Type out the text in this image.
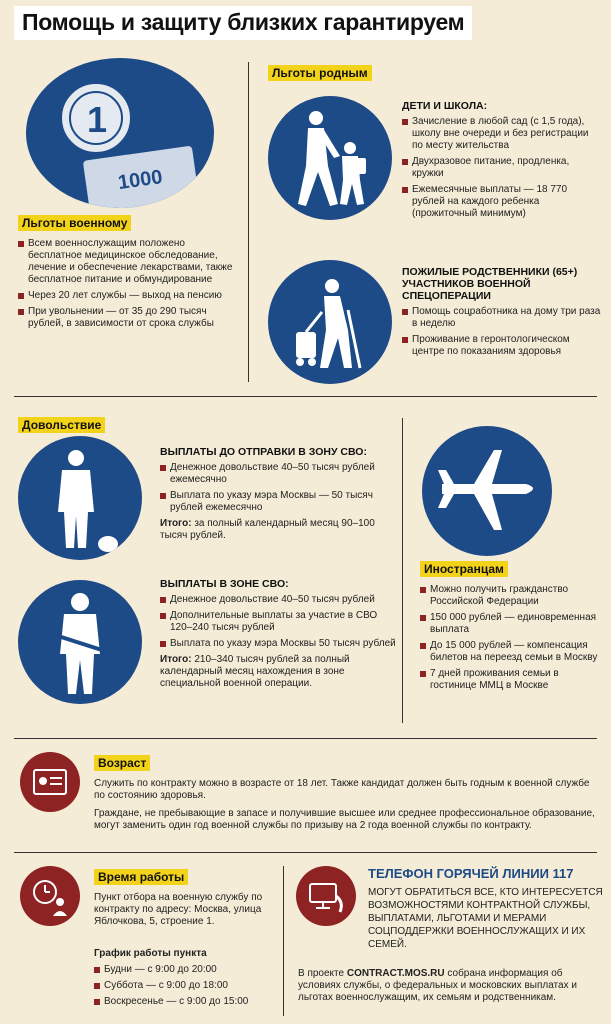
Помощь и защиту близких гарантируем
1000
1
Льготы военному
Всем военнослужащим положено бесплатное медицинское обследование, лечение и обеспечение лекарствами, также бесплатное питание и обмундирование
Через 20 лет службы — выход на пенсию
При увольнении — от 35 до 290 тысяч рублей, в зависимости от срока службы
Льготы родным
ДЕТИ И ШКОЛА:
Зачисление в любой сад (с 1,5 года), школу вне очереди и без регистрации по месту жительства
Двухразовое питание, продленка, кружки
Ежемесячные выплаты — 18 770 рублей на каждого ребенка (прожиточный минимум)
ПОЖИЛЫЕ РОДСТВЕННИКИ (65+) УЧАСТНИКОВ ВОЕННОЙ СПЕЦОПЕРАЦИИ
Помощь соцработника на дому три раза в неделю
Проживание в геронтологическом центре по показаниям здоровья
Довольствие
ВЫПЛАТЫ ДО ОТПРАВКИ В ЗОНУ СВО:
Денежное довольствие 40–50 тысяч рублей ежемесячно
Выплата по указу мэра Москвы — 50 тысяч рублей ежемесячно
Итого: за полный календарный месяц 90–100 тысяч рублей.
ВЫПЛАТЫ В ЗОНЕ СВО:
Денежное довольствие 40–50 тысяч рублей
Дополнительные выплаты за участие в СВО 120–240 тысяч рублей
Выплата по указу мэра Москвы 50 тысяч рублей
Итого: 210–340 тысяч рублей за полный календарный месяц нахождения в зоне специальной военной операции.
Иностранцам
Можно получить гражданство Российской Федерации
150 000 рублей — единовременная выплата
До 15 000 рублей — компенсация билетов на переезд семьи в Москву
7 дней проживания семьи в гостинице ММЦ в Москве
Возраст
Служить по контракту можно в возрасте от 18 лет. Также кандидат должен быть годным к военной службе по состоянию здоровья.
Граждане, не пребывающие в запасе и получившие высшее или среднее профессиональное образование, могут заменить один год военной службы по призыву на 2 года военной службы по контракту.
Время работы
Пункт отбора на военную службу по контракту по адресу: Москва, улица Яблочкова, 5, строение 1.
График работы пункта
Будни — с 9:00 до 20:00
Суббота — с 9:00 до 18:00
Воскресенье — с 9:00 до 15:00
ТЕЛЕФОН ГОРЯЧЕЙ ЛИНИИ 117
МОГУТ ОБРАТИТЬСЯ ВСЕ, КТО ИНТЕРЕСУЕТСЯ ВОЗМОЖНОСТЯМИ КОНТРАКТНОЙ СЛУЖБЫ, ВЫПЛАТАМИ, ЛЬГОТАМИ И МЕРАМИ СОЦПОДДЕРЖКИ ВОЕННОСЛУЖАЩИХ И ИХ СЕМЕЙ.
В проекте CONTRACT.MOS.RU собрана информация об условиях службы, о федеральных и московских выплатах и льготах военнослужащим, их семьям и родственникам.
